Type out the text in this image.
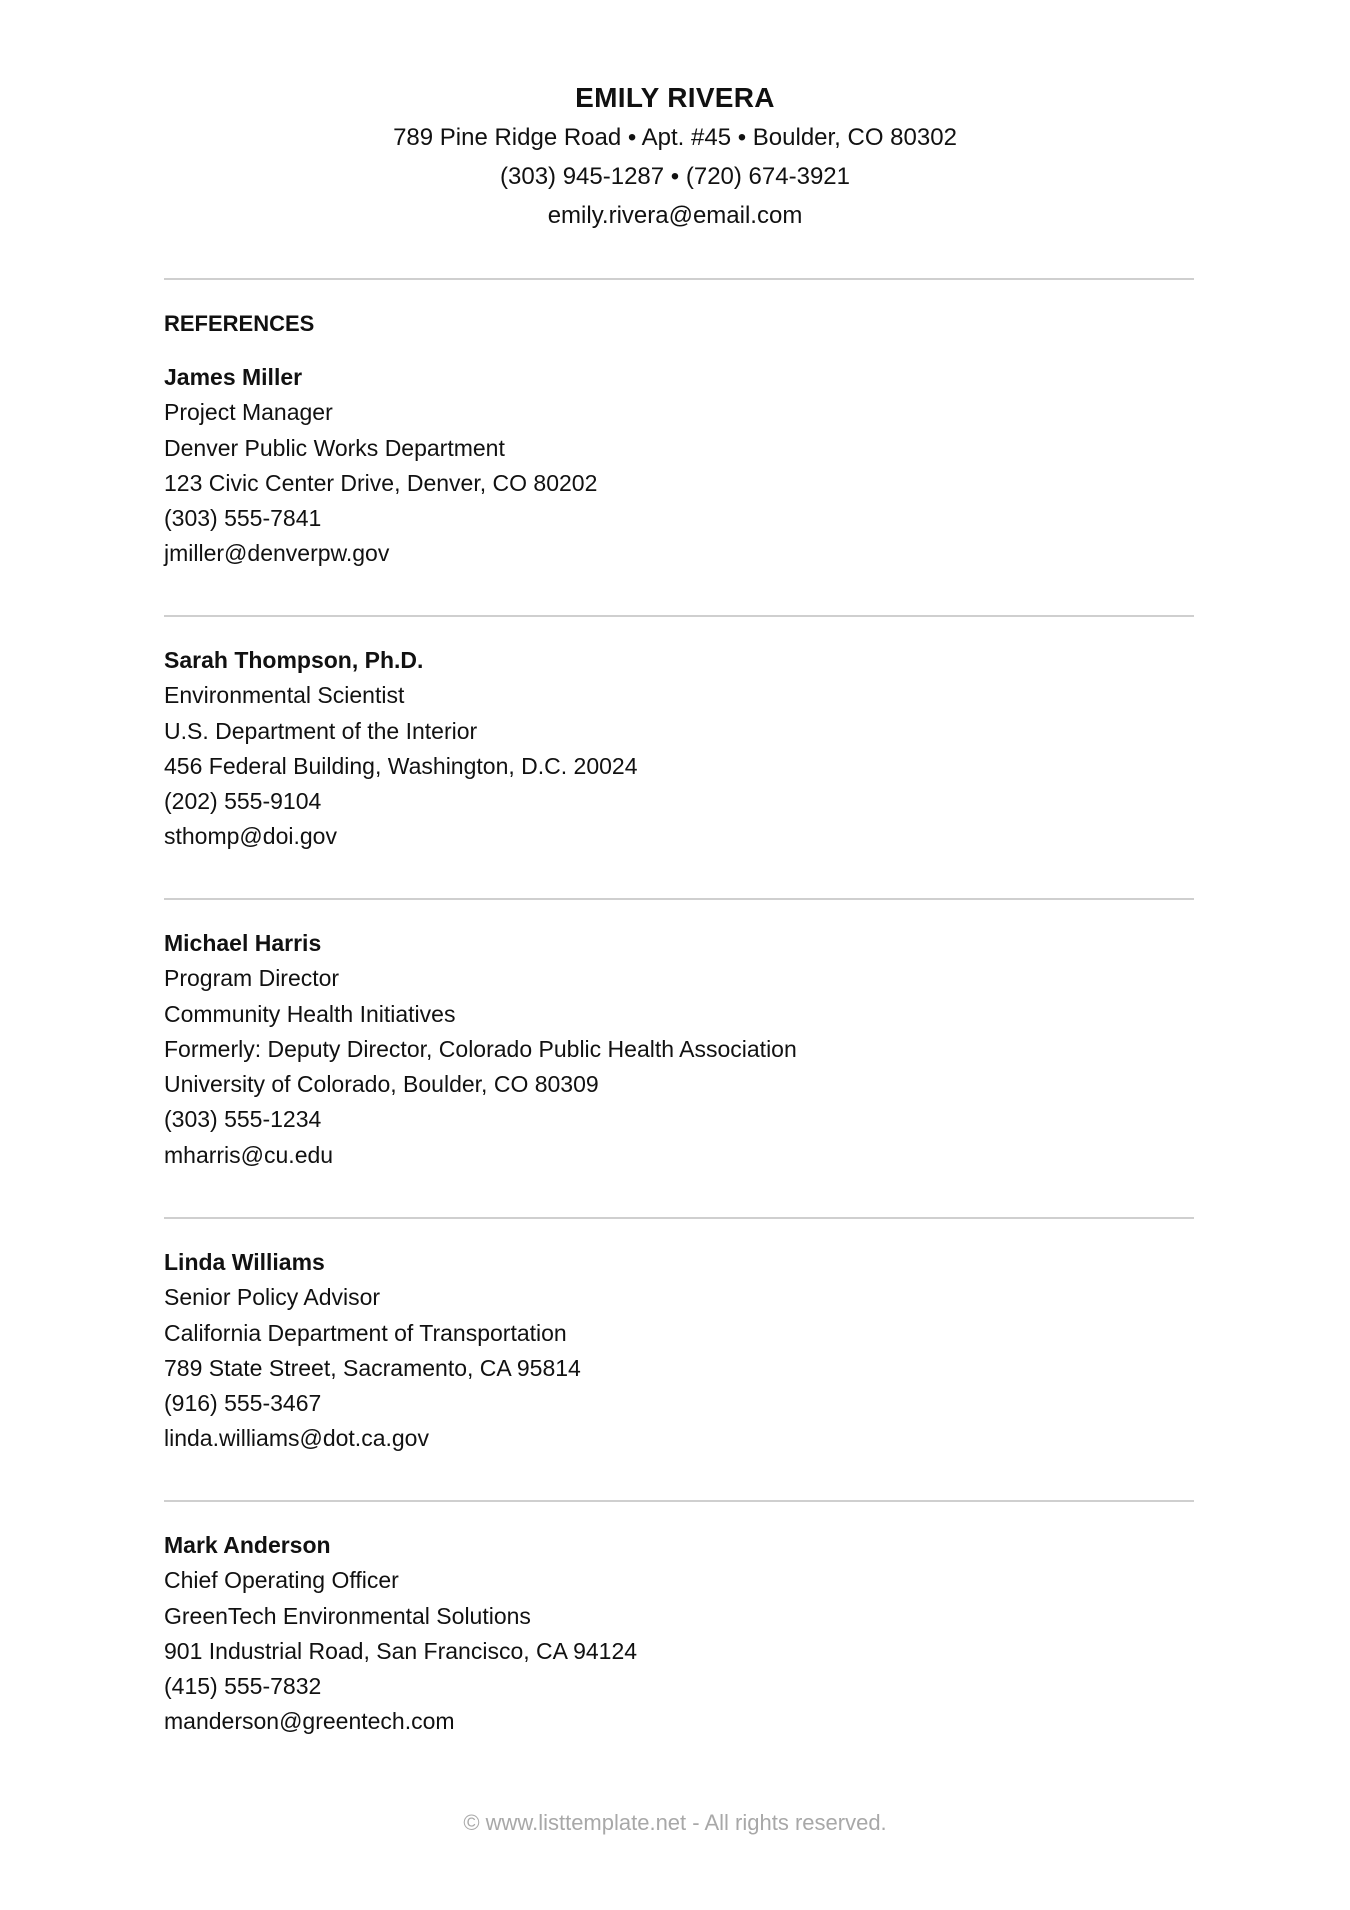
EMILY RIVERA
789 Pine Ridge Road • Apt. #45 • Boulder, CO 80302
(303) 945-1287 • (720) 674-3921
emily.rivera@email.com
REFERENCES
James Miller
Project Manager
Denver Public Works Department
123 Civic Center Drive, Denver, CO 80202
(303) 555-7841
jmiller@denverpw.gov
Sarah Thompson, Ph.D.
Environmental Scientist
U.S. Department of the Interior
456 Federal Building, Washington, D.C. 20024
(202) 555-9104
sthomp@doi.gov
Michael Harris
Program Director
Community Health Initiatives
Formerly: Deputy Director, Colorado Public Health Association
University of Colorado, Boulder, CO 80309
(303) 555-1234
mharris@cu.edu
Linda Williams
Senior Policy Advisor
California Department of Transportation
789 State Street, Sacramento, CA 95814
(916) 555-3467
linda.williams@dot.ca.gov
Mark Anderson
Chief Operating Officer
GreenTech Environmental Solutions
901 Industrial Road, San Francisco, CA 94124
(415) 555-7832
manderson@greentech.com
© www.listtemplate.net - All rights reserved.
